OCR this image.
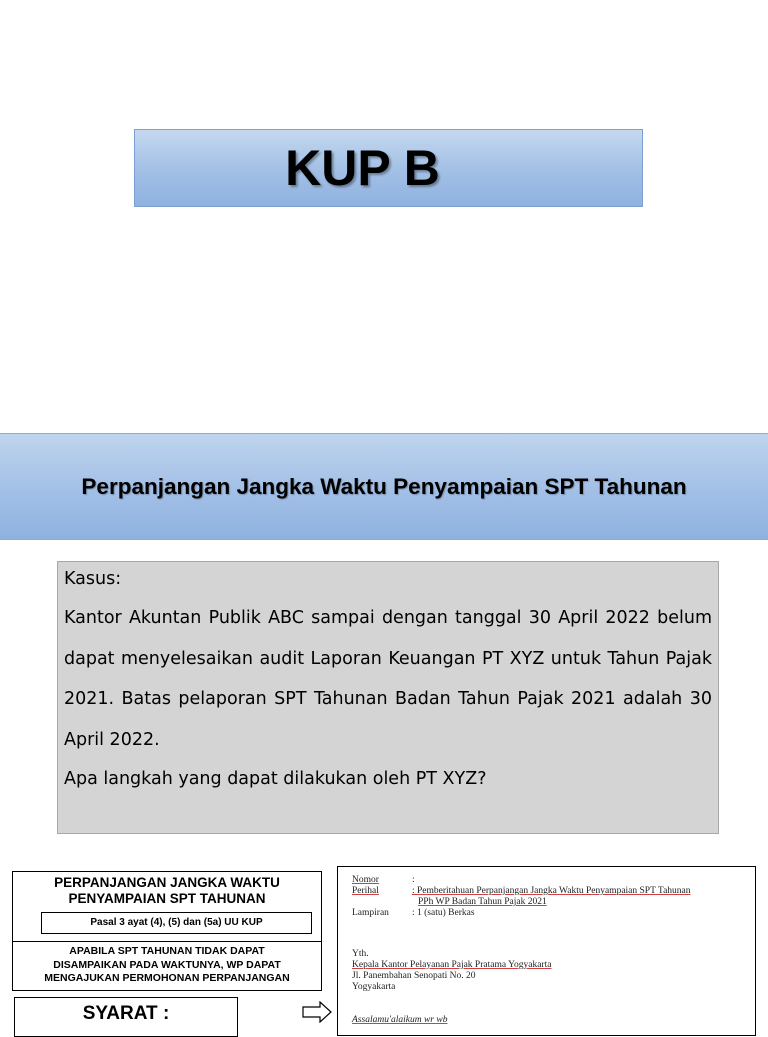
KUP B
Perpanjangan Jangka Waktu Penyampaian SPT Tahunan
Kasus:
Kantor Akuntan Publik ABC sampai dengan tanggal 30 April 2022 belum dapat menyelesaikan audit Laporan Keuangan PT XYZ untuk Tahun Pajak 2021. Batas pelaporan SPT Tahunan Badan Tahun Pajak 2021 adalah 30 April 2022.
Apa langkah yang dapat dilakukan oleh PT XYZ?
PERPANJANGAN JANGKA WAKTU
PENYAMPAIAN SPT TAHUNAN
Pasal 3 ayat (4), (5) dan (5a) UU KUP
APABILA SPT TAHUNAN TIDAK DAPAT
DISAMPAIKAN PADA WAKTUNYA, WP DAPAT
MENGAJUKAN PERMOHONAN PERPANJANGAN
SYARAT :
Nomor	:
Perihal	: Pemberitahuan Perpanjangan Jangka Waktu Penyampaian SPT Tahunan
PPh WP Badan Tahun Pajak 2021
Lampiran	: 1 (satu) Berkas
Yth.
Kepala Kantor Pelayanan Pajak Pratama Yogyakarta
Jl. Panembahan Senopati No. 20
Yogyakarta
Assalamu'alaikum wr wb
